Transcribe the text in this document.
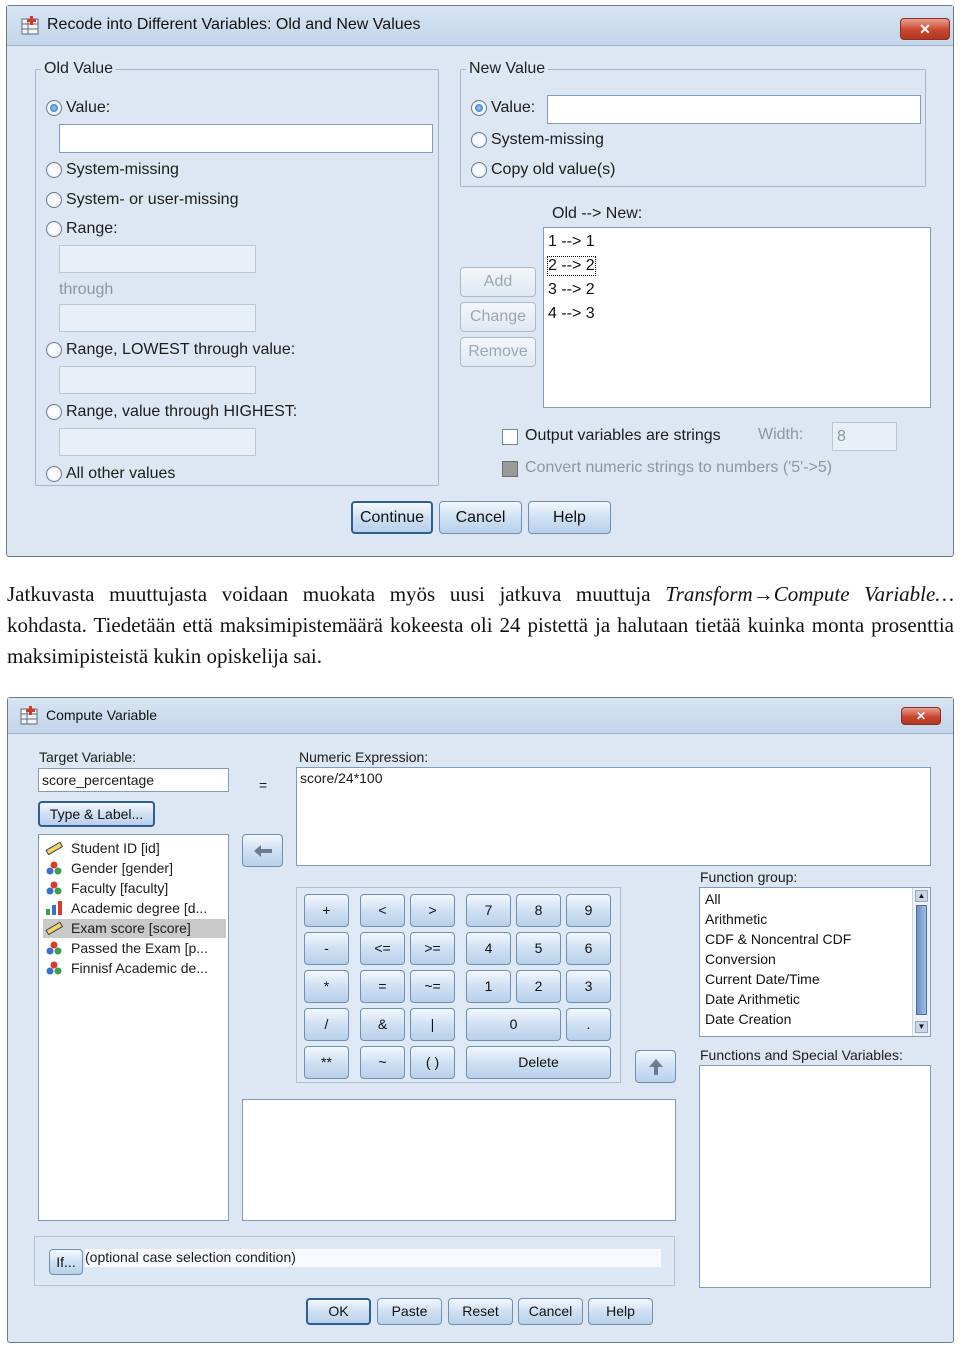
Recode into Different Variables: Old and New Values	✕
Old Value
Value:
System-missing
System- or user-missing
Range:
through
Range, LOWEST through value:
Range, value through HIGHEST:
All other values
New Value
Value:
System-missing
Copy old value(s)
Old --> New:
1 --> 1
2 --> 2
3 --> 2
4 --> 3
Add
Change
Remove
Output variables are strings Width:	8
Convert numeric strings to numbers ('5'->5)
Continue	Cancel	Help
Jatkuvasta muuttujasta voidaan muokata myös uusi jatkuva muuttuja Transform→Compute Variable… kohdasta. Tiedetään että maksimipistemäärä kokeesta oli 24 pistettä ja halutaan tietää kuinka monta prosenttia maksimipisteistä kukin opiskelija sai.
Compute Variable	✕
Target Variable:
score_percentage	=
Numeric Expression:
score/24*100
Type & Label...
Student ID [id]
Gender [gender]
Faculty [faculty]
Academic degree [d...
Exam score [score]
Passed the Exam [p...
Finnisf Academic de...
+	<	>	7	8	9
-	<=	>=	4	5	6
*	=	~=	1	2	3
/	&	|	0	.
**	~	( )	Delete
Function group:
All
Arithmetic
CDF & Noncentral CDF
Conversion
Current Date/Time
Date Arithmetic
Date Creation
▲
▼
Functions and Special Variables:
If... (optional case selection condition)
OK	Paste	Reset	Cancel	Help
